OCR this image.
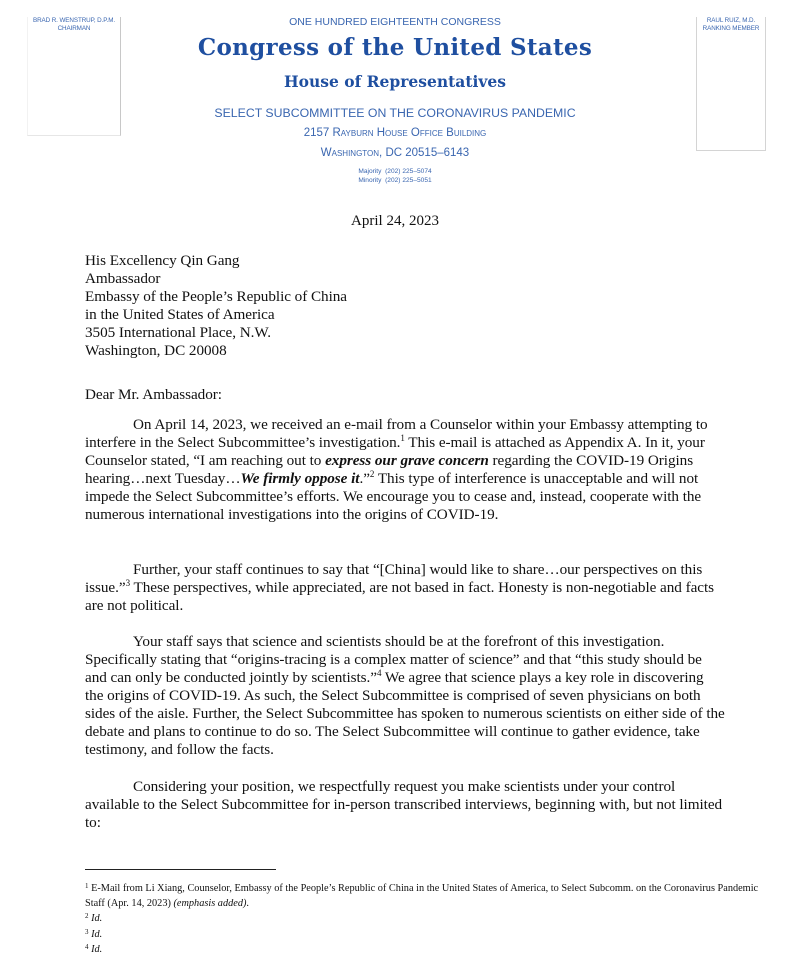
BRAD R. WENSTRUP, D.P.M.
CHAIRMAN
RAUL RUIZ, M.D.
RANKING MEMBER
ONE HUNDRED EIGHTEENTH CONGRESS
Congress of the United States
House of Representatives
SELECT SUBCOMMITTEE ON THE CORONAVIRUS PANDEMIC
2157 Rayburn House Office Building
Washington, DC 20515–6143
Majority  (202) 225–5074
Minority  (202) 225–5051
April 24, 2023
His Excellency Qin Gang
Ambassador
Embassy of the People’s Republic of China
in the United States of America
3505 International Place, N.W.
Washington, DC 20008
Dear Mr. Ambassador:

On April 14, 2023, we received an e-mail from a Counselor within your Embassy attempting to interfere in the Select Subcommittee’s investigation.$^1$ This e-mail is attached as Appendix A. In it, your Counselor stated, “I am reaching out to express our grave concern regarding the COVID-19 Origins hearing…next Tuesday…We firmly oppose it.”$^2$ This type of interference is unacceptable and will not impede the Select Subcommittee’s efforts. We encourage you to cease and, instead, cooperate with the numerous international investigations into the origins of COVID-19.

Further, your staff continues to say that “[China] would like to share…our perspectives on this issue.”$^3$ These perspectives, while appreciated, are not based in fact. Honesty is non-negotiable and facts are not political.

Your staff says that science and scientists should be at the forefront of this investigation. Specifically stating that “origins-tracing is a complex matter of science” and that “this study should be and can only be conducted jointly by scientists.”$^4$ We agree that science plays a key role in discovering the origins of COVID-19. As such, the Select Subcommittee is comprised of seven physicians on both sides of the aisle. Further, the Select Subcommittee has spoken to numerous scientists on either side of the debate and plans to continue to do so. The Select Subcommittee will continue to gather evidence, take testimony, and follow the facts.

Considering your position, we respectfully request you make scientists under your control available to the Select Subcommittee for in-person transcribed interviews, beginning with, but not limited to:

$^1$ E-Mail from Li Xiang, Counselor, Embassy of the People’s Republic of China in the United States of America, to Select Subcomm. on the Coronavirus Pandemic Staff (Apr. 14, 2023) (emphasis added).
$^2$ Id.
$^3$ Id.
$^4$ Id.
